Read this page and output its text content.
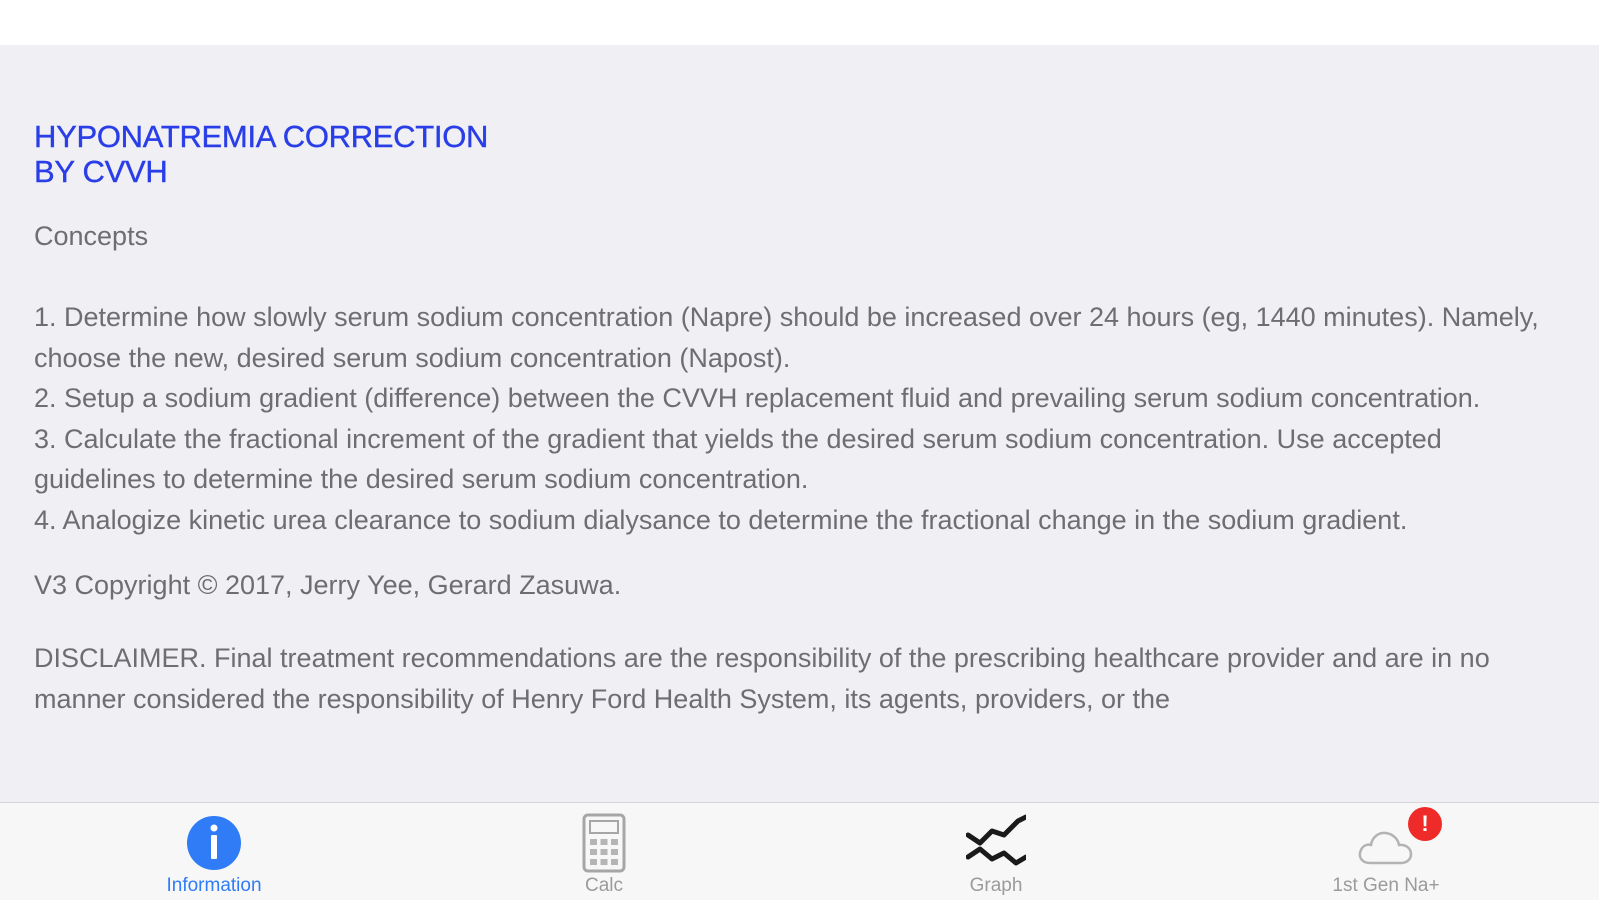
HYPONATREMIA CORRECTION
BY CVVH
Concepts
1. Determine how slowly serum sodium concentration (Napre) should be increased over 24 hours (eg, 1440 minutes). Namely, choose the new, desired serum sodium concentration (Napost).
2. Setup a sodium gradient (difference) between the CVVH replacement fluid and prevailing serum sodium concentration.
3. Calculate the fractional increment of the gradient that yields the desired serum sodium concentration. Use accepted guidelines to determine the desired serum sodium concentration.
4. Analogize kinetic urea clearance to sodium dialysance to determine the fractional change in the sodium gradient.
V3 Copyright © 2017, Jerry Yee, Gerard Zasuwa.
DISCLAIMER. Final treatment recommendations are the responsibility of the prescribing healthcare provider and are in no manner considered the responsibility of Henry Ford Health System, its agents, providers, or the
Information	Calc	Graph
!
1st Gen Na+
